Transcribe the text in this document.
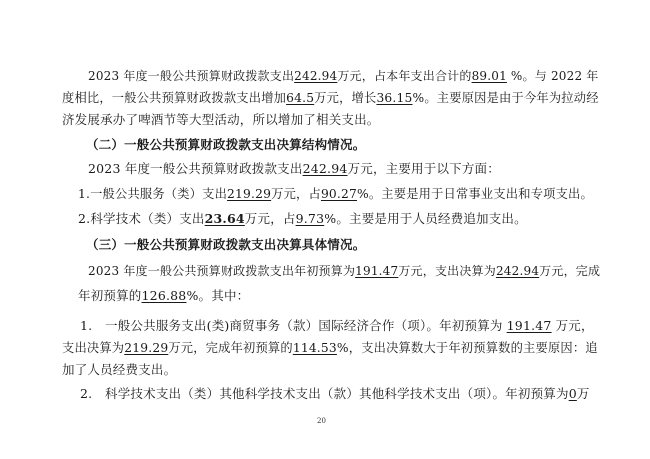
2023 年度一般公共预算财政拨款支出242.94万元，占本年支出合计的89.01 %。与 2022 年
度相比，一般公共预算财政拨款支出增加64.5万元，增长36.15%。主要原因是由于今年为拉动经
济发展承办了啤酒节等大型活动，所以增加了相关支出。
（二）一般公共预算财政拨款支出决算结构情况。
2023 年度一般公共预算财政拨款支出242.94万元，主要用于以下方面：
1.一般公共服务（类）支出219.29万元，占90.27%。主要是用于日常事业支出和专项支出。
2.科学技术（类）支出23.64万元，占9.73%。主要是用于人员经费追加支出。
（三）一般公共预算财政拨款支出决算具体情况。
2023 年度一般公共预算财政拨款支出年初预算为191.47万元，支出决算为242.94万元，完成
年初预算的126.88%。其中：
1.　一般公共服务支出(类)商贸事务（款）国际经济合作（项）。年初预算为 191.47 万元，
支出决算为219.29万元，完成年初预算的114.53%，支出决算数大于年初预算数的主要原因：追
加了人员经费支出。
2.　科学技术支出（类）其他科学技术支出（款）其他科学技术支出（项）。年初预算为0万
20
